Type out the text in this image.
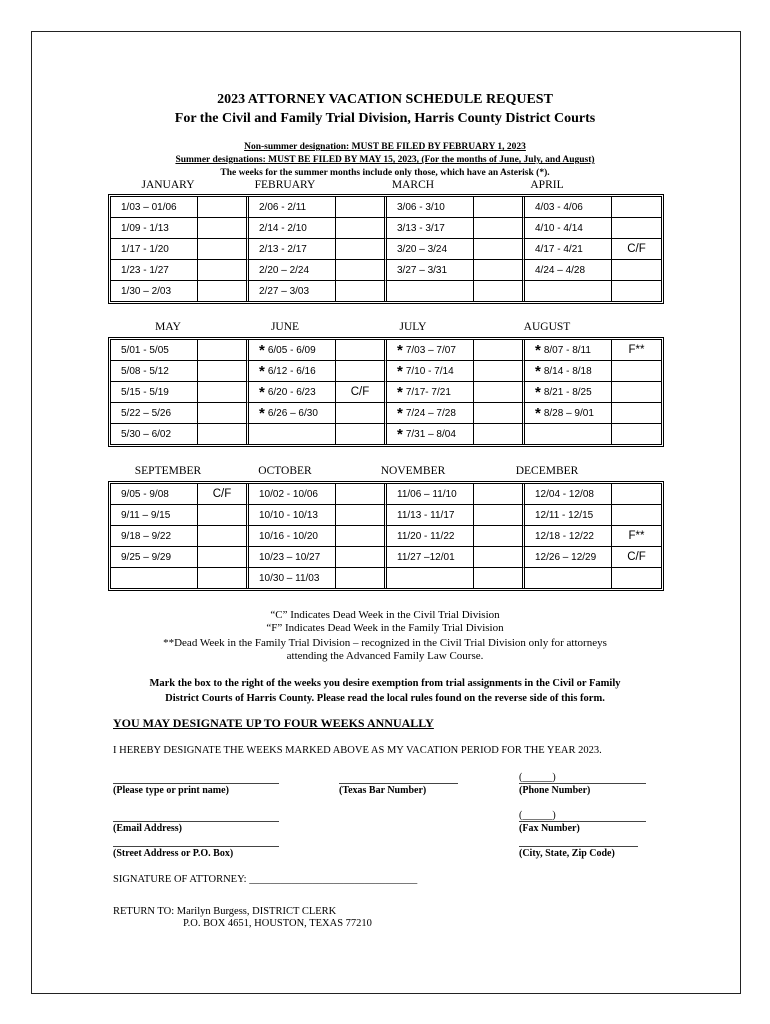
2023 ATTORNEY VACATION SCHEDULE REQUEST
For the Civil and Family Trial Division, Harris County District Courts
Non-summer designation: MUST BE FILED BY FEBRUARY 1, 2023
Summer designations: MUST BE FILED BY MAY 15, 2023, (For the months of June, July, and August)
The weeks for the summer months include only those, which have an Asterisk (*).
JANUARY	FEBRUARY	MARCH	APRIL
1/03 – 01/06		2/06 - 2/11		3/06 - 3/10		4/03 - 4/06	
1/09 - 1/13		2/14 - 2/10		3/13 - 3/17		4/10 - 4/14	
1/17 - 1/20		2/13 - 2/17		3/20 – 3/24		4/17 - 4/21	C/F
1/23 - 1/27		2/20 – 2/24		3/27 – 3/31		4/24 – 4/28	
1/30 – 2/03		2/27 – 3/03					
MAY	JUNE	JULY	AUGUST
5/01 - 5/05		* 6/05 - 6/09		* 7/03 – 7/07		* 8/07 - 8/11	F**
5/08 - 5/12		* 6/12 - 6/16		* 7/10 - 7/14		* 8/14 - 8/18	
5/15 - 5/19		* 6/20 - 6/23	C/F	* 7/17- 7/21		* 8/21 - 8/25	
5/22 – 5/26		* 6/26 – 6/30		* 7/24 – 7/28		* 8/28 – 9/01	
5/30 – 6/02				* 7/31 – 8/04			
SEPTEMBER	OCTOBER	NOVEMBER	DECEMBER
9/05 - 9/08	C/F	10/02 - 10/06		11/06 – 11/10		12/04 - 12/08	
9/11 – 9/15		10/10 - 10/13		11/13 - 11/17		12/11 - 12/15	
9/18 – 9/22		10/16 - 10/20		11/20 - 11/22		12/18 - 12/22	F**
9/25 – 9/29		10/23 – 10/27		11/27 –12/01		12/26 – 12/29	C/F
		10/30 – 11/03					
“C” Indicates Dead Week in the Civil Trial Division
“F” Indicates Dead Week in the Family Trial Division
**Dead Week in the Family Trial Division – recognized in the Civil Trial Division only for attorneys
attending the Advanced Family Law Course.
Mark the box to the right of the weeks you desire exemption from trial assignments in the Civil or Family
District Courts of Harris County. Please read the local rules found on the reverse side of this form.
YOU MAY DESIGNATE UP TO FOUR WEEKS ANNUALLY
I HEREBY DESIGNATE THE WEEKS MARKED ABOVE AS MY VACATION PERIOD FOR THE YEAR 2023.
(______)
(Please type or print name)	(Texas Bar Number)	(Phone Number)
(______)
(Email Address)	(Fax Number)
(Street Address or P.O. Box)	(City, State, Zip Code)
SIGNATURE OF ATTORNEY: ________________________________
RETURN TO: Marilyn Burgess, DISTRICT CLERK
P.O. BOX 4651, HOUSTON, TEXAS 77210
